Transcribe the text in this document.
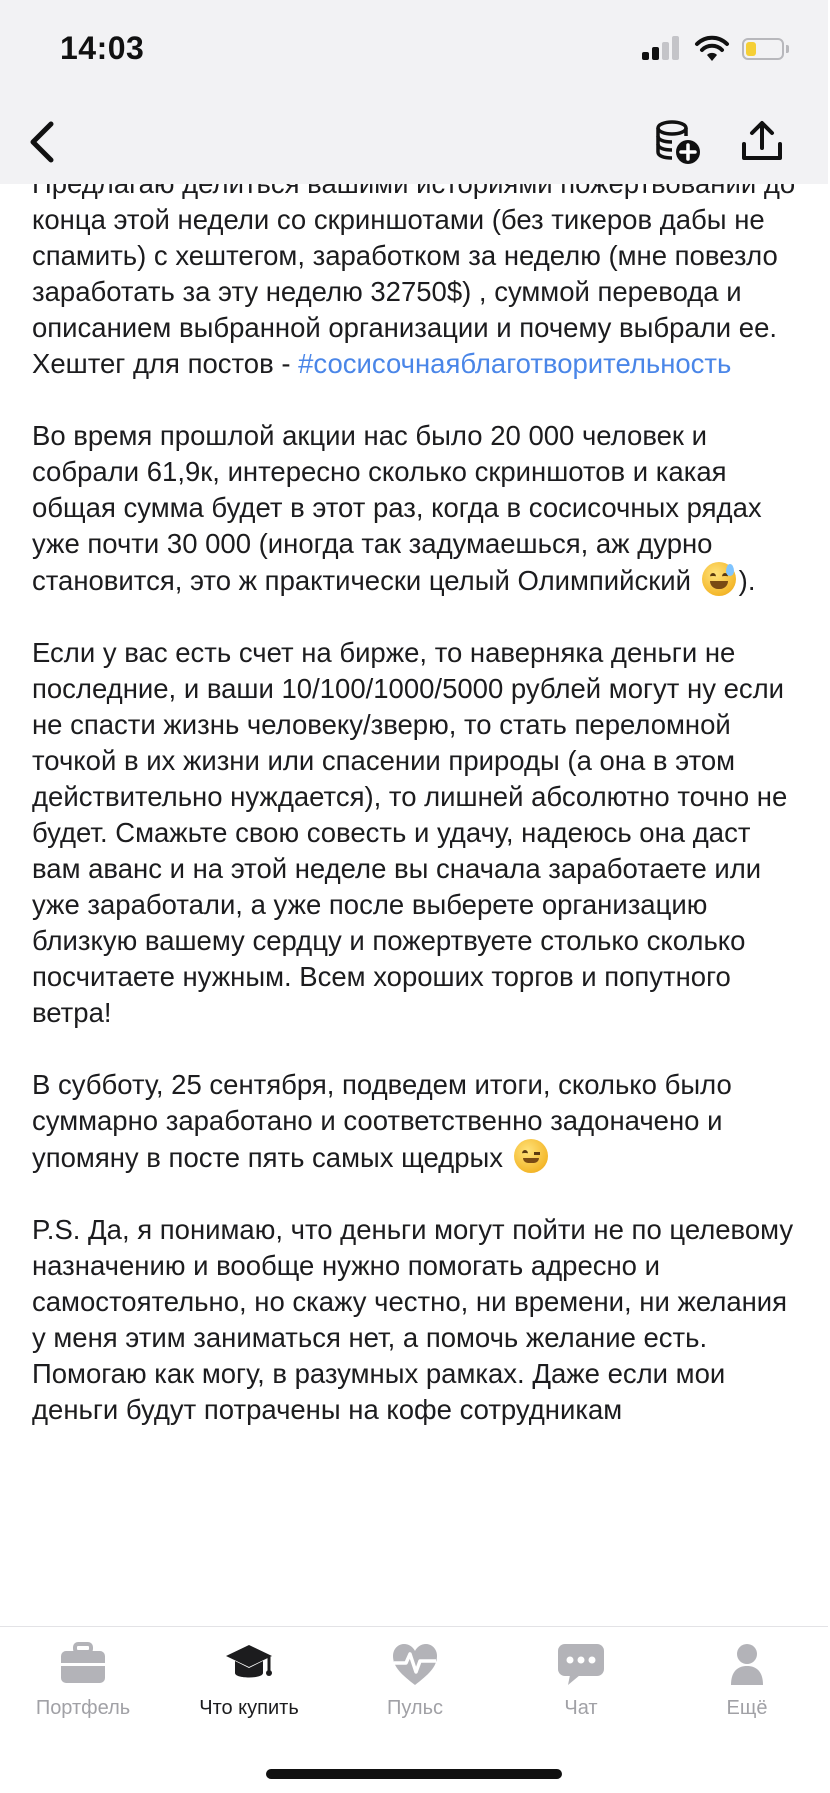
14:03

конца этой недели со скриншотами (без тикеров дабы не спамить) с хештегом, заработком за неделю (мне повезло заработать за эту неделю 32750$) , суммой перевода и описанием выбранной организации и почему выбрали ее. Хештег для постов - #сосисочнаяблаготворительность

Во время прошлой акции нас было 20 000 человек и собрали 61,9к, интересно сколько скриншотов и какая общая сумма будет в этот раз, когда в сосисочных рядах уже почти 30 000 (иногда так задумаешься, аж дурно становится, это ж практически целый Олимпийский
).

Если у вас есть счет на бирже, то наверняка деньги не последние, и ваши 10/100/1000/5000 рублей могут ну если не спасти жизнь человеку/зверю, то стать переломной точкой в их жизни или спасении природы (а она в этом действительно нуждается), то лишней абсолютно точно не будет. Смажьте свою совесть и удачу, надеюсь она даст вам аванс и на этой неделе вы сначала заработаете или уже заработали, а уже после выберете организацию близкую вашему сердцу и пожертвуете столько сколько посчитаете нужным. Всем хороших торгов и попутного ветра!

В субботу, 25 сентября, подведем итоги, сколько было суммарно заработано и соответственно задоначено и упомяну в посте пять самых щедрых

P.S. Да, я понимаю, что деньги могут пойти не по целевому назначению и вообще нужно помогать адресно и самостоятельно, но скажу честно, ни времени, ни желания у меня этим заниматься нет, а помочь желание есть. Помогаю как могу, в разумных рамках. Даже если мои деньги будут потрачены на кофе сотрудникам

Портфель	Что купить	Пульс	Чат	Ещё
